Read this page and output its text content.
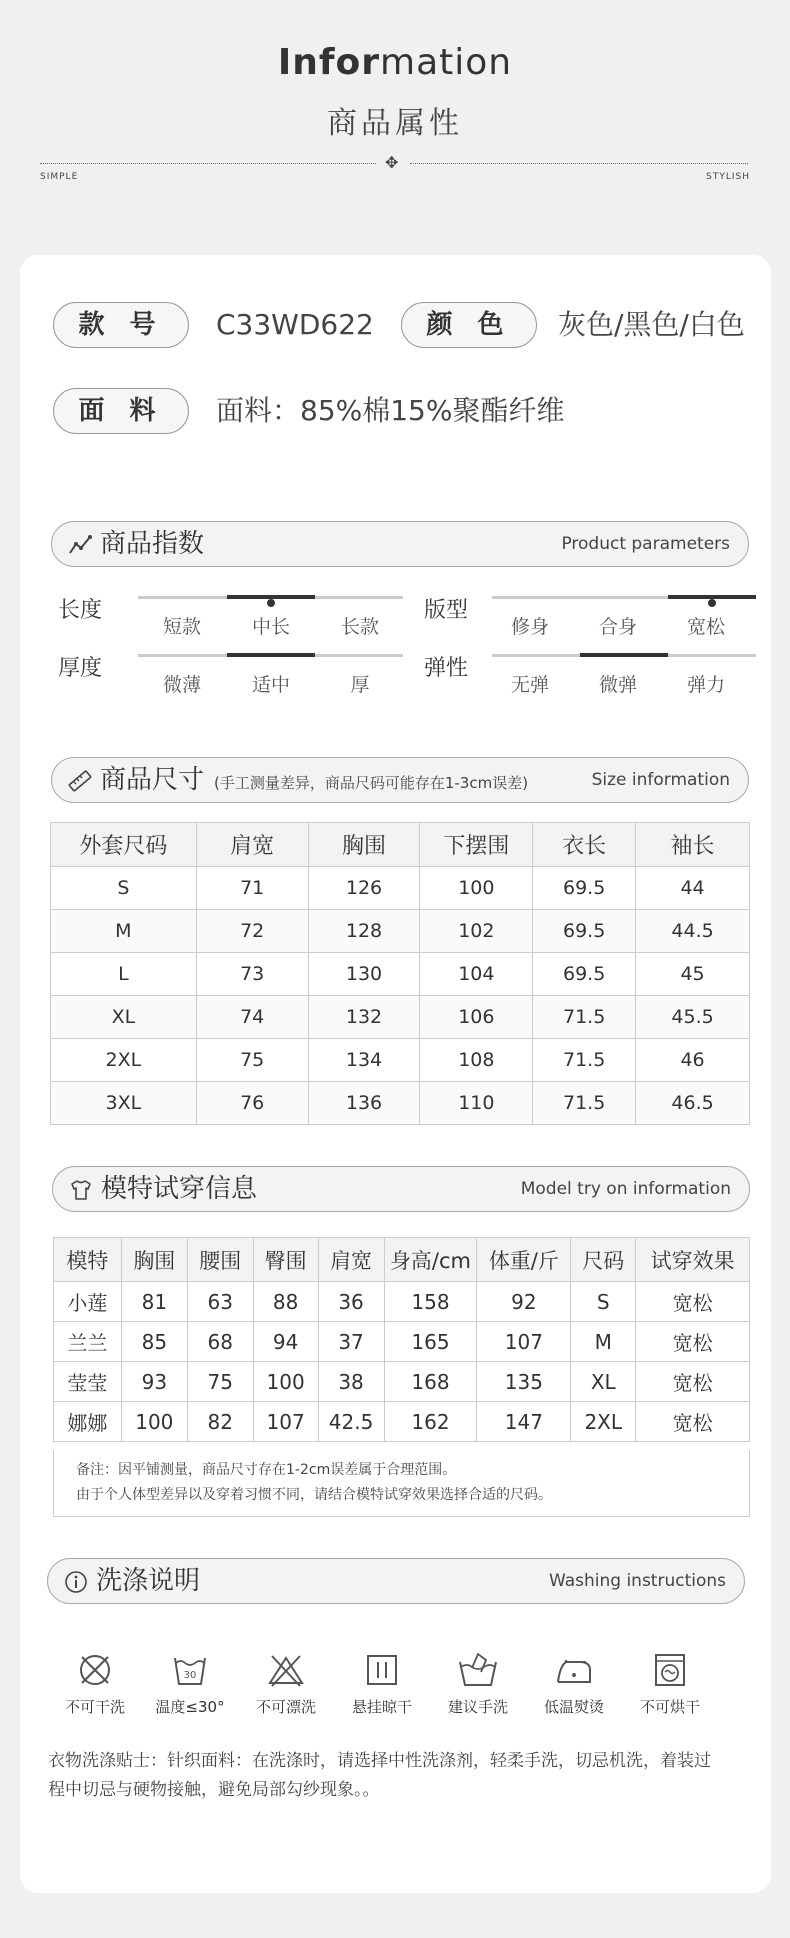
Information
商品属性
✥
SIMPLE	STYLISH
款 号	C33WD622	颜 色	灰色/黑色/白色
面 料	面料：85%棉15%聚酯纤维
商品指数	Product parameters
长度
短款	中长	长款
版型
修身	合身	宽松
厚度
微薄	适中	厚
弹性
无弹	微弹	弹力
商品尺寸 (手工测量差异，商品尺码可能存在1-3cm误差)	Size information
外套尺码	肩宽	胸围	下摆围	衣长	袖长
S	71	126	100	69.5	44
M	72	128	102	69.5	44.5
L	73	130	104	69.5	45
XL	74	132	106	71.5	45.5
2XL	75	134	108	71.5	46
3XL	76	136	110	71.5	46.5
模特试穿信息	Model try on information
模特	胸围	腰围	臀围	肩宽	身高/cm	体重/斤	尺码	试穿效果
小莲	81	63	88	36	158	92	S	宽松
兰兰	85	68	94	37	165	107	M	宽松
莹莹	93	75	100	38	168	135	XL	宽松
娜娜	100	82	107	42.5	162	147	2XL	宽松
备注：因平铺测量，商品尺寸存在1-2cm误差属于合理范围。
由于个人体型差异以及穿着习惯不同，请结合模特试穿效果选择合适的尺码。
洗涤说明	Washing instructions
不可干洗
30
温度≤30°	不可漂洗	悬挂晾干	建议手洗	低温熨烫	不可烘干
衣物洗涤贴士：针织面料：在洗涤时，请选择中性洗涤剂，轻柔手洗，切忌机洗，着装过
程中切忌与硬物接触，避免局部勾纱现象。。
